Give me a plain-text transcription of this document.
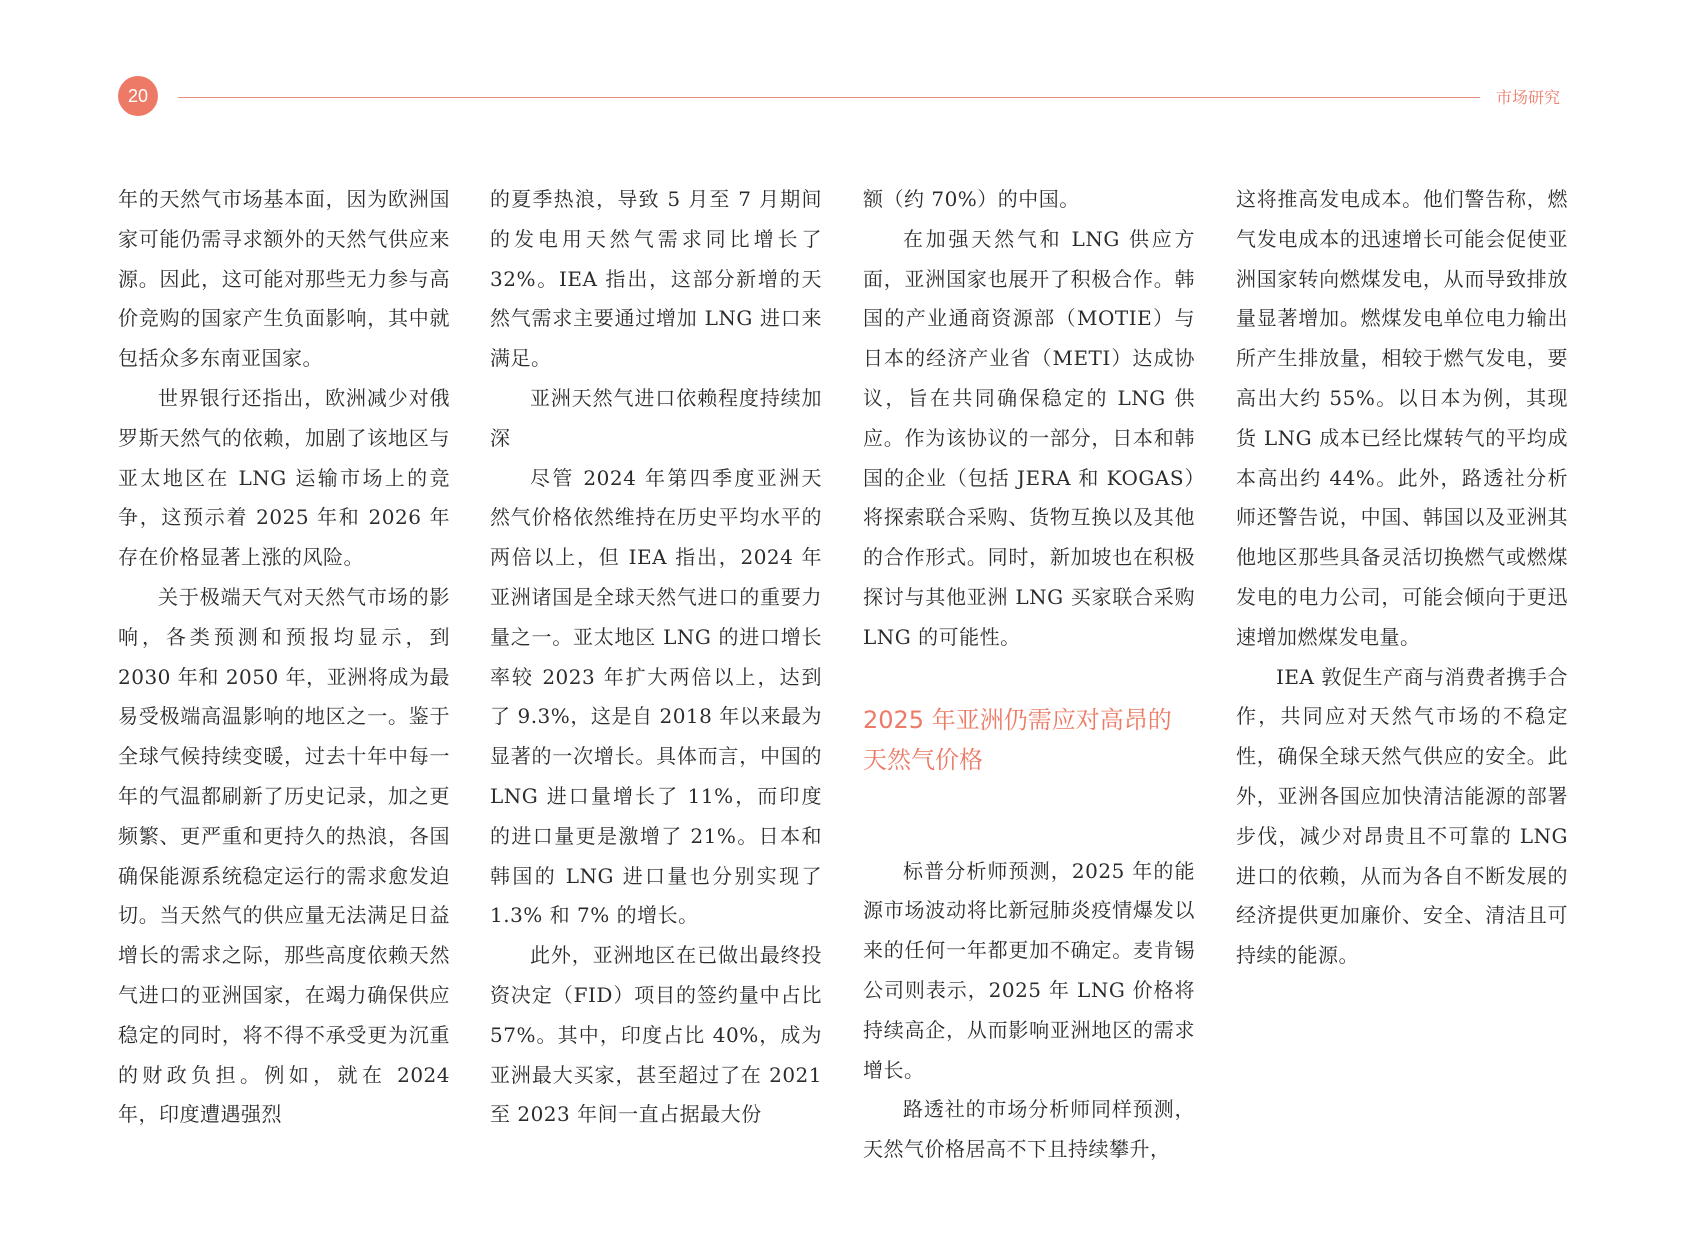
20	市场研究

年的天然气市场基本面，因为欧洲国家可能仍需寻求额外的天然气供应来源。因此，这可能对那些无力参与高价竞购的国家产生负面影响，其中就包括众多东南亚国家。

世界银行还指出，欧洲减少对俄罗斯天然气的依赖，加剧了该地区与亚太地区在 LNG 运输市场上的竞争，这预示着 2025 年和 2026 年存在价格显著上涨的风险。

关于极端天气对天然气市场的影响，各类预测和预报均显示，到 2030 年和 2050 年，亚洲将成为最易受极端高温影响的地区之一。鉴于全球气候持续变暖，过去十年中每一年的气温都刷新了历史记录，加之更频繁、更严重和更持久的热浪，各国确保能源系统稳定运行的需求愈发迫切。当天然气的供应量无法满足日益增长的需求之际，那些高度依赖天然气进口的亚洲国家，在竭力确保供应稳定的同时，将不得不承受更为沉重的财政负担。例如，就在 2024 年，印度遭遇强烈

的夏季热浪，导致 5 月至 7 月期间的发电用天然气需求同比增长了 32%。IEA 指出，这部分新增的天然气需求主要通过增加 LNG 进口来满足。

亚洲天然气进口依赖程度持续加深

尽管 2024 年第四季度亚洲天然气价格依然维持在历史平均水平的两倍以上，但 IEA 指出，2024 年亚洲诸国是全球天然气进口的重要力量之一。亚太地区 LNG 的进口增长率较 2023 年扩大两倍以上，达到了 9.3%，这是自 2018 年以来最为显著的一次增长。具体而言，中国的 LNG 进口量增长了 11%，而印度的进口量更是激增了 21%。日本和韩国的 LNG 进口量也分别实现了 1.3% 和 7% 的增长。

此外，亚洲地区在已做出最终投资决定（FID）项目的签约量中占比 57%。其中，印度占比 40%，成为亚洲最大买家，甚至超过了在 2021 至 2023 年间一直占据最大份

额（约 70%）的中国。

在加强天然气和 LNG 供应方面，亚洲国家也展开了积极合作。韩国的产业通商资源部（MOTIE）与日本的经济产业省（METI）达成协议，旨在共同确保稳定的 LNG 供应。作为该协议的一部分，日本和韩国的企业（包括 JERA 和 KOGAS）将探索联合采购、货物互换以及其他的合作形式。同时，新加坡也在积极探讨与其他亚洲 LNG 买家联合采购 LNG 的可能性。

2025 年亚洲仍需应对高昂的天然气价格

标普分析师预测，2025 年的能源市场波动将比新冠肺炎疫情爆发以来的任何一年都更加不确定。麦肯锡公司则表示，2025 年 LNG 价格将持续高企，从而影响亚洲地区的需求增长。

路透社的市场分析师同样预测，天然气价格居高不下且持续攀升，

这将推高发电成本。他们警告称，燃气发电成本的迅速增长可能会促使亚洲国家转向燃煤发电，从而导致排放量显著增加。燃煤发电单位电力输出所产生排放量，相较于燃气发电，要高出大约 55%。以日本为例，其现货 LNG 成本已经比煤转气的平均成本高出约 44%。此外，路透社分析师还警告说，中国、韩国以及亚洲其他地区那些具备灵活切换燃气或燃煤发电的电力公司，可能会倾向于更迅速增加燃煤发电量。

IEA 敦促生产商与消费者携手合作，共同应对天然气市场的不稳定性，确保全球天然气供应的安全。此外，亚洲各国应加快清洁能源的部署步伐，减少对昂贵且不可靠的 LNG 进口的依赖，从而为各自不断发展的经济提供更加廉价、安全、清洁且可持续的能源。
